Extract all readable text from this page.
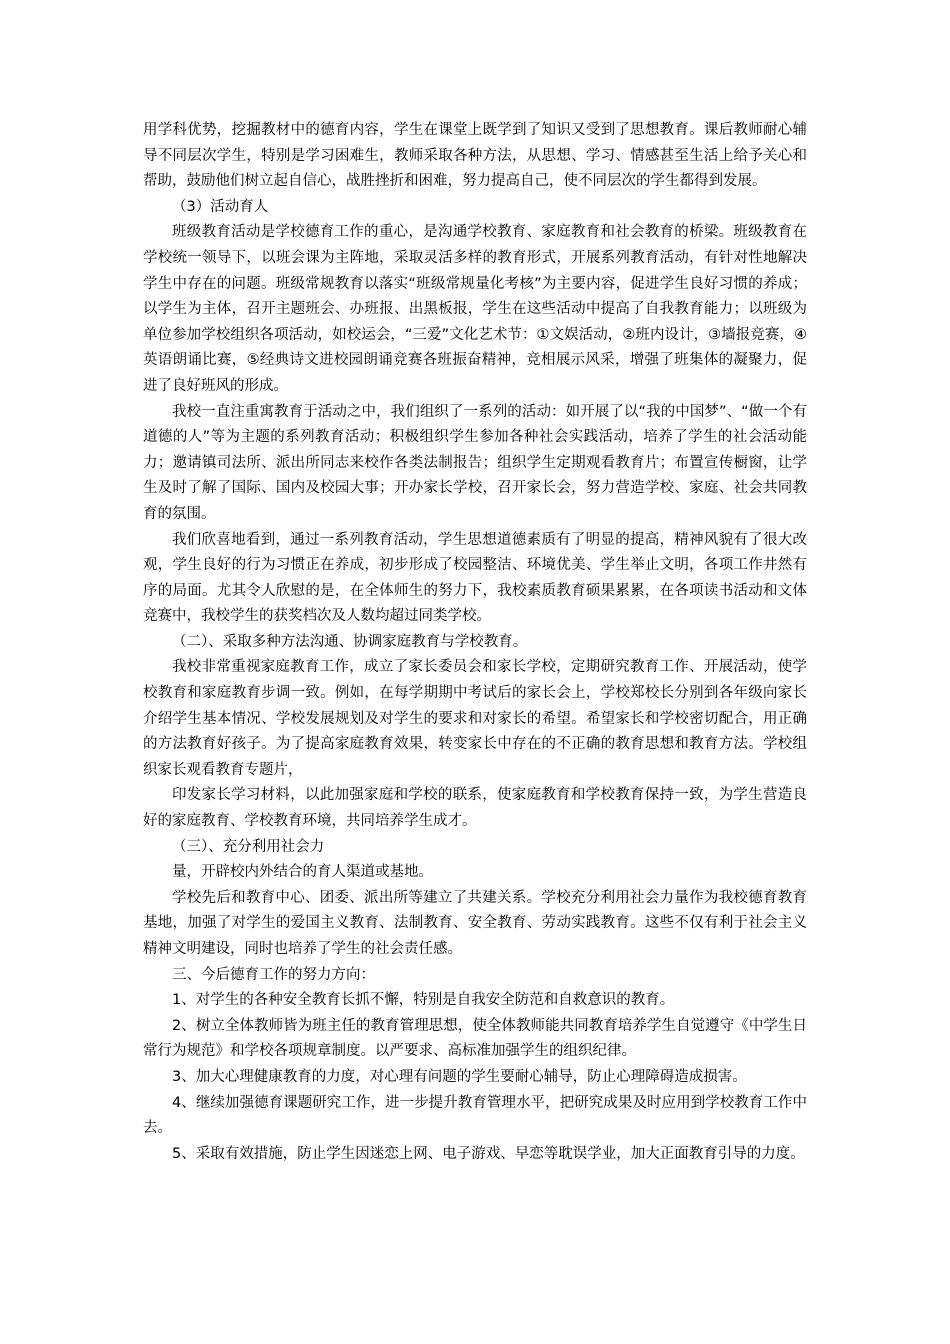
用学科优势，挖掘教材中的德育内容，学生在课堂上既学到了知识又受到了思想教育。课后教师耐心辅导不同层次学生，特别是学习困难生，教师采取各种方法，从思想、学习、情感甚至生活上给予关心和帮助，鼓励他们树立起自信心，战胜挫折和困难，努力提高自己，使不同层次的学生都得到发展。

（3）活动育人

班级教育活动是学校德育工作的重心，是沟通学校教育、家庭教育和社会教育的桥梁。班级教育在学校统一领导下，以班会课为主阵地，采取灵活多样的教育形式，开展系列教育活动，有针对性地解决学生中存在的问题。班级常规教育以落实“班级常规量化考核”为主要内容，促进学生良好习惯的养成；以学生为主体，召开主题班会、办班报、出黑板报，学生在这些活动中提高了自我教育能力；以班级为单位参加学校组织各项活动，如校运会，“三爱”文化艺术节：①文娱活动，②班内设计，③墙报竞赛，④英语朗诵比赛，⑤经典诗文进校园朗诵竞赛各班振奋精神，竞相展示风采，增强了班集体的凝聚力，促进了良好班风的形成。

我校一直注重寓教育于活动之中，我们组织了一系列的活动：如开展了以“我的中国梦”、“做一个有道德的人”等为主题的系列教育活动；积极组织学生参加各种社会实践活动，培养了学生的社会活动能力；邀请镇司法所、派出所同志来校作各类法制报告；组织学生定期观看教育片；布置宣传橱窗，让学生及时了解了国际、国内及校园大事；开办家长学校，召开家长会，努力营造学校、家庭、社会共同教育的氛围。

我们欣喜地看到，通过一系列教育活动，学生思想道德素质有了明显的提高，精神风貌有了很大改观，学生良好的行为习惯正在养成，初步形成了校园整洁、环境优美、学生举止文明，各项工作井然有序的局面。尤其令人欣慰的是，在全体师生的努力下，我校素质教育硕果累累，在各项读书活动和文体竞赛中，我校学生的获奖档次及人数均超过同类学校。

（二）、采取多种方法沟通、协调家庭教育与学校教育。

我校非常重视家庭教育工作，成立了家长委员会和家长学校，定期研究教育工作、开展活动，使学校教育和家庭教育步调一致。例如，在每学期期中考试后的家长会上，学校郑校长分别到各年级向家长介绍学生基本情况、学校发展规划及对学生的要求和对家长的希望。希望家长和学校密切配合，用正确的方法教育好孩子。为了提高家庭教育效果，转变家长中存在的不正确的教育思想和教育方法。学校组织家长观看教育专题片，

印发家长学习材料，以此加强家庭和学校的联系，使家庭教育和学校教育保持一致，为学生营造良好的家庭教育、学校教育环境，共同培养学生成才。

（三）、充分利用社会力

量，开辟校内外结合的育人渠道或基地。

学校先后和教育中心、团委、派出所等建立了共建关系。学校充分利用社会力量作为我校德育教育基地，加强了对学生的爱国主义教育、法制教育、安全教育、劳动实践教育。这些不仅有利于社会主义精神文明建设，同时也培养了学生的社会责任感。

三、今后德育工作的努力方向：

1、对学生的各种安全教育长抓不懈，特别是自我安全防范和自救意识的教育。

2、树立全体教师皆为班主任的教育管理思想，使全体教师能共同教育培养学生自觉遵守《中学生日常行为规范》和学校各项规章制度。以严要求、高标准加强学生的组织纪律。

3、加大心理健康教育的力度，对心理有问题的学生要耐心辅导，防止心理障碍造成损害。

4、继续加强德育课题研究工作，进一步提升教育管理水平，把研究成果及时应用到学校教育工作中去。

5、采取有效措施，防止学生因迷恋上网、电子游戏、早恋等耽误学业，加大正面教育引导的力度。
